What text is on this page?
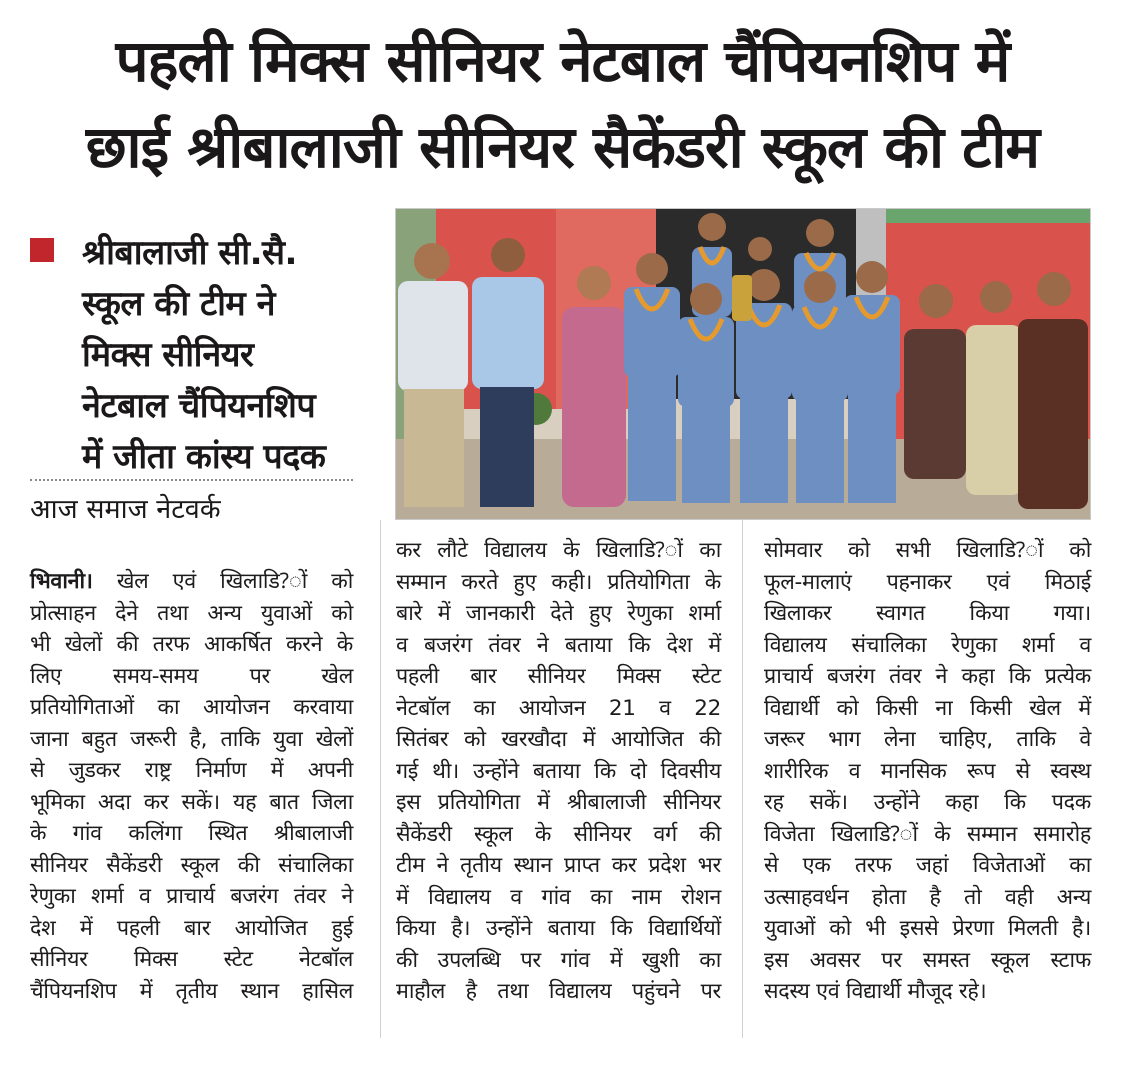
पहली मिक्स सीनियर नेटबाल चैंपियनशिप में
छाई श्रीबालाजी सीनियर सैकेंडरी स्कूल की टीम
श्रीबालाजी सी.सै.
स्कूल की टीम ने
मिक्स सीनियर
नेटबाल चैंपियनशिप
में जीता कांस्य पदक
आज समाज नेटवर्क
भिवानी। खेल एवं खिलाडि?ों को
प्रोत्साहन देने तथा अन्य युवाओं को
भी खेलों की तरफ आकर्षित करने के
लिए समय-समय पर खेल
प्रतियोगिताओं का आयोजन करवाया
जाना बहुत जरूरी है, ताकि युवा खेलों
से जुडकर राष्ट्र निर्माण में अपनी
भूमिका अदा कर सकें। यह बात जिला
के गांव कलिंगा स्थित श्रीबालाजी
सीनियर सैकेंडरी स्कूल की संचालिका
रेणुका शर्मा व प्राचार्य बजरंग तंवर ने
देश में पहली बार आयोजित हुई
सीनियर मिक्स स्टेट नेटबॉल
चैंपियनशिप में तृतीय स्थान हासिल
कर लौटे विद्यालय के खिलाडि?ों का
सम्मान करते हुए कही। प्रतियोगिता के
बारे में जानकारी देते हुए रेणुका शर्मा
व बजरंग तंवर ने बताया कि देश में
पहली बार सीनियर मिक्स स्टेट
नेटबॉल का आयोजन 21 व 22
सितंबर को खरखौदा में आयोजित की
गई थी। उन्होंने बताया कि दो दिवसीय
इस प्रतियोगिता में श्रीबालाजी सीनियर
सैकेंडरी स्कूल के सीनियर वर्ग की
टीम ने तृतीय स्थान प्राप्त कर प्रदेश भर
में विद्यालय व गांव का नाम रोशन
किया है। उन्होंने बताया कि विद्यार्थियों
की उपलब्धि पर गांव में खुशी का
माहौल है तथा विद्यालय पहुंचने पर
सोमवार को सभी खिलाडि?ों को
फूल-मालाएं पहनाकर एवं मिठाई
खिलाकर स्वागत किया गया।
विद्यालय संचालिका रेणुका शर्मा व
प्राचार्य बजरंग तंवर ने कहा कि प्रत्येक
विद्यार्थी को किसी ना किसी खेल में
जरूर भाग लेना चाहिए, ताकि वे
शारीरिक व मानसिक रूप से स्वस्थ
रह सकें। उन्होंने कहा कि पदक
विजेता खिलाडि?ों के सम्मान समारोह
से एक तरफ जहां विजेताओं का
उत्साहवर्धन होता है तो वही अन्य
युवाओं को भी इससे प्रेरणा मिलती है।
इस अवसर पर समस्त स्कूल स्टाफ
सदस्य एवं विद्यार्थी मौजूद रहे।
